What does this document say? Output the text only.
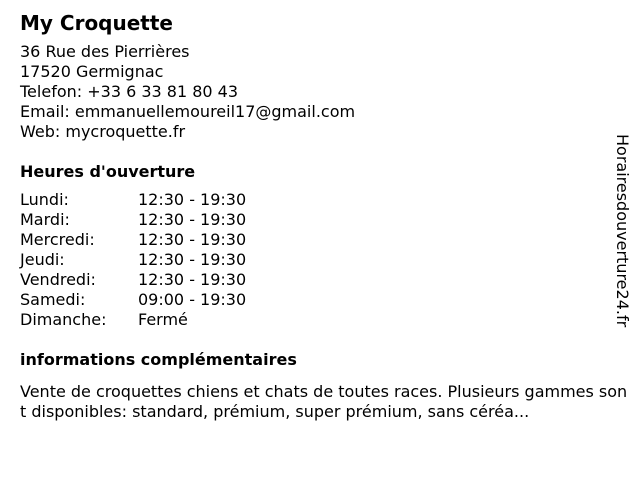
My Croquette
36 Rue des Pierrières
17520 Germignac
Telefon: +33 6 33 81 80 43
Email: emmanuellemoureil17@gmail.com
Web: mycroquette.fr
Heures d'ouverture
Lundi:	12:30 - 19:30
Mardi:	12:30 - 19:30
Mercredi:	12:30 - 19:30
Jeudi:	12:30 - 19:30
Vendredi:	12:30 - 19:30
Samedi:	09:00 - 19:30
Dimanche:	Fermé
informations complémentaires
Vente de croquettes chiens et chats de toutes races. Plusieurs gammes sont disponibles: standard, prémium, super prémium, sans céréa...
Horairesdouverture24.fr
